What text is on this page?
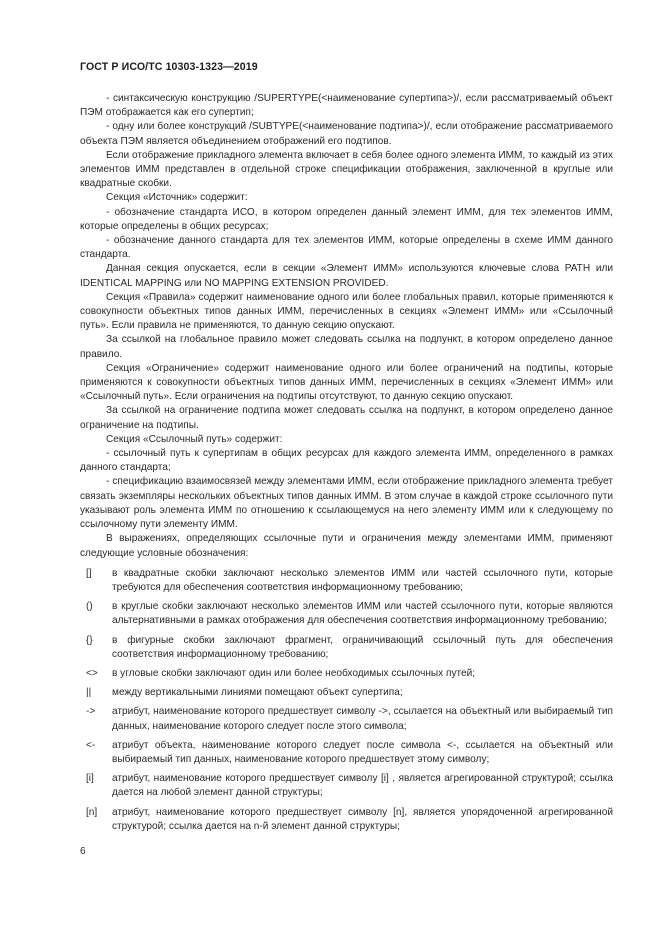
ГОСТ Р ИСО/ТС 10303-1323—2019

- синтаксическую конструкцию /SUPERTYPE(<наименование супертипа>)/, если рассматриваемый объект ПЭМ отображается как его супертип;

- одну или более конструкций /SUBTYPE(<наименование подтипа>)/, если отображение рассматриваемого объекта ПЭМ является объединением отображений его подтипов.

Если отображение прикладного элемента включает в себя более одного элемента ИММ, то каждый из этих элементов ИММ представлен в отдельной строке спецификации отображения, заключенной в круглые или квадратные скобки.

Секция «Источник» содержит:

- обозначение стандарта ИСО, в котором определен данный элемент ИММ, для тех элементов ИММ, которые определены в общих ресурсах;

- обозначение данного стандарта для тех элементов ИММ, которые определены в схеме ИММ данного стандарта.

Данная секция опускается, если в секции «Элемент ИММ» используются ключевые слова PATH или IDENTICAL MAPPING или NO MAPPING EXTENSION PROVIDED.

Секция «Правила» содержит наименование одного или более глобальных правил, которые применяются к совокупности объектных типов данных ИММ, перечисленных в секциях «Элемент ИММ» или «Ссылочный путь». Если правила не применяются, то данную секцию опускают.

За ссылкой на глобальное правило может следовать ссылка на подпункт, в котором определено данное правило.

Секция «Ограничение» содержит наименование одного или более ограничений на подтипы, которые применяются к совокупности объектных типов данных ИММ, перечисленных в секциях «Элемент ИММ» или «Ссылочный путь». Если ограничения на подтипы отсутствуют, то данную секцию опускают.

За ссылкой на ограничение подтипа может следовать ссылка на подпункт, в котором определено данное ограничение на подтипы.

Секция «Ссылочный путь» содержит:

- ссылочный путь к супертипам в общих ресурсах для каждого элемента ИММ, определенного в рамках данного стандарта;

- спецификацию взаимосвязей между элементами ИММ, если отображение прикладного элемента требует связать экземпляры нескольких объектных типов данных ИММ. В этом случае в каждой строке ссылочного пути указывают роль элемента ИММ по отношению к ссылающемуся на него элементу ИММ или к следующему по ссылочному пути элементу ИММ.

В выражениях, определяющих ссылочные пути и ограничения между элементами ИММ, применяют следующие условные обозначения:

[]	в квадратные скобки заключают несколько элементов ИММ или частей ссылочного пути, которые требуются для обеспечения соответствия информационному требованию;
()	в круглые скобки заключают несколько элементов ИММ или частей ссылочного пути, которые являются альтернативными в рамках отображения для обеспечения соответствия информационному требованию;
{}	в фигурные скобки заключают фрагмент, ограничивающий ссылочный путь для обеспечения соответствия информационному требованию;
<>	в угловые скобки заключают один или более необходимых ссылочных путей;
||	между вертикальными линиями помещают объект супертипа;
->	атрибут, наименование которого предшествует символу ->, ссылается на объектный или выбираемый тип данных, наименование которого следует после этого символа;
<-	атрибут объекта, наименование которого следует после символа <-, ссылается на объектный или выбираемый тип данных, наименование которого предшествует этому символу;
[i]	атрибут, наименование которого предшествует символу [i] , является агрегированной структурой; ссылка дается на любой элемент данной структуры;
[n]	атрибут, наименование которого предшествует символу [n], является упорядоченной агрегированной структурой; ссылка дается на n-й элемент данной структуры;
6
